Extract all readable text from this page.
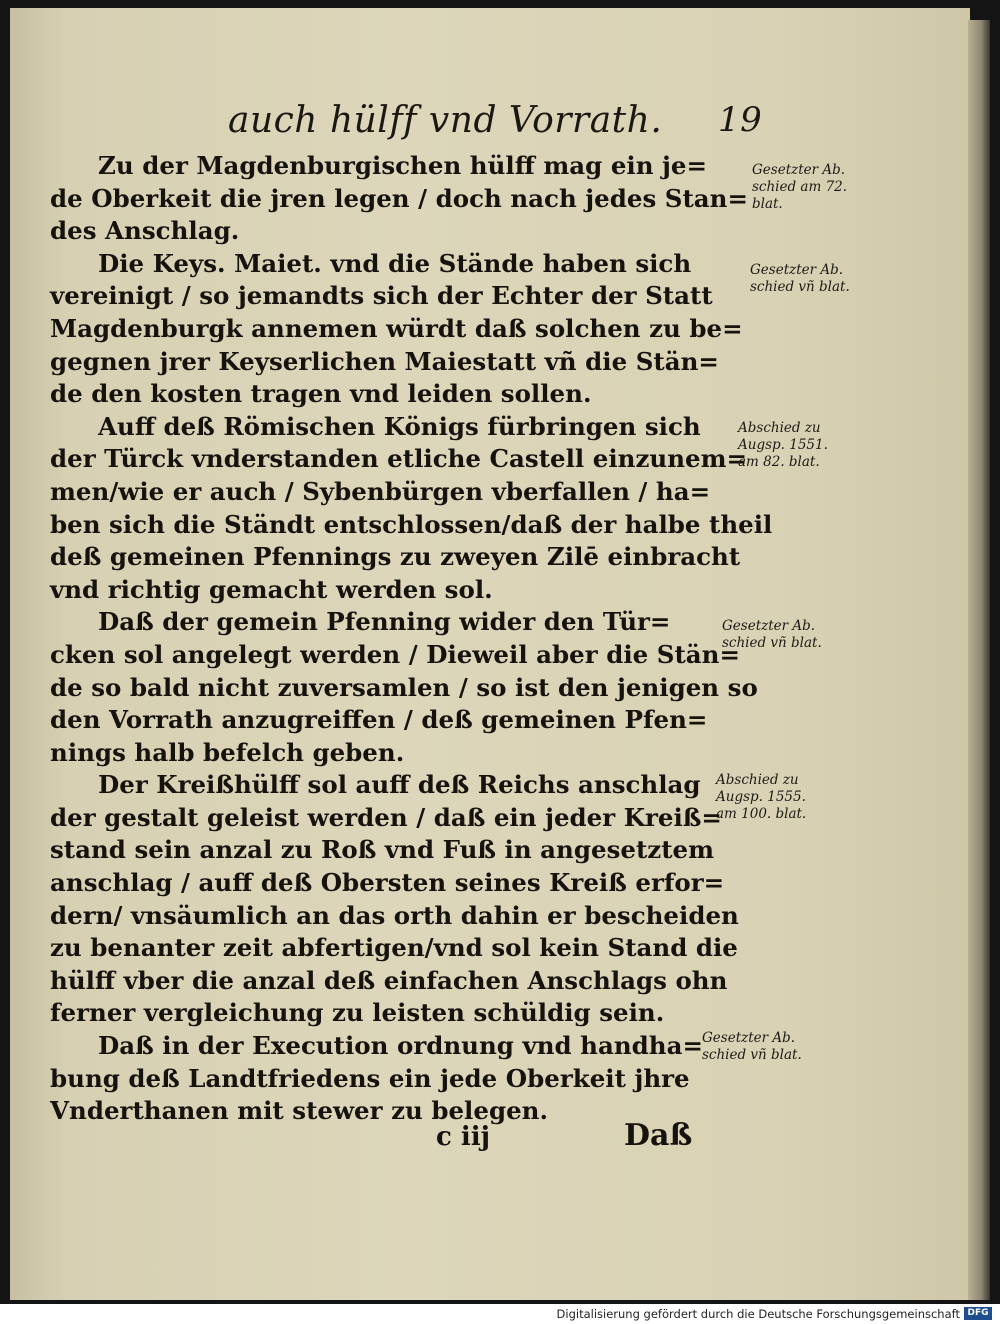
auch hülff vnd Vorrath. 19
Zu der Magdenburgischen hülff mag ein je=
de Oberkeit die jren legen / doch nach jedes Stan=
des Anschlag.
Die Keys. Maiet. vnd die Stände haben sich
vereinigt / so jemandts sich der Echter der Statt
Magdenburgk annemen würdt daß solchen zu be=
gegnen jrer Keyserlichen Maiestatt vñ die Stän=
de den kosten tragen vnd leiden sollen.
Auff deß Römischen Königs fürbringen sich
der Türck vnderstanden etliche Castell einzunem=
men/wie er auch / Sybenbürgen vberfallen / ha=
ben sich die Ständt entschlossen/daß der halbe theil
deß gemeinen Pfennings zu zweyen Zilē einbracht
vnd richtig gemacht werden sol.
Daß der gemein Pfenning wider den Tür=
cken sol angelegt werden / Dieweil aber die Stän=
de so bald nicht zuversamlen / so ist den jenigen so
den Vorrath anzugreiffen / deß gemeinen Pfen=
nings halb befelch geben.
Der Kreißhülff sol auff deß Reichs anschlag
der gestalt geleist werden / daß ein jeder Kreiß=
stand sein anzal zu Roß vnd Fuß in angesetztem
anschlag / auff deß Obersten seines Kreiß erfor=
dern/ vnsäumlich an das orth dahin er bescheiden
zu benanter zeit abfertigen/vnd sol kein Stand die
hülff vber die anzal deß einfachen Anschlags ohn
ferner vergleichung zu leisten schüldig sein.
Daß in der Execution ordnung vnd handha=
bung deß Landtfriedens ein jede Oberkeit jhre
Vnderthanen mit stewer zu belegen.
Gesetzter Ab.
schied am 72.
blat.
Gesetzter Ab.
schied vñ blat.
Abschied zu
Augsp. 1551.
am 82. blat.
Gesetzter Ab.
schied vñ blat.
Abschied zu
Augsp. 1555.
am 100. blat.
Gesetzter Ab.
schied vñ blat.
c iij	Daß
Digitalisierung gefördert durch die Deutsche Forschungsgemeinschaft DFG
